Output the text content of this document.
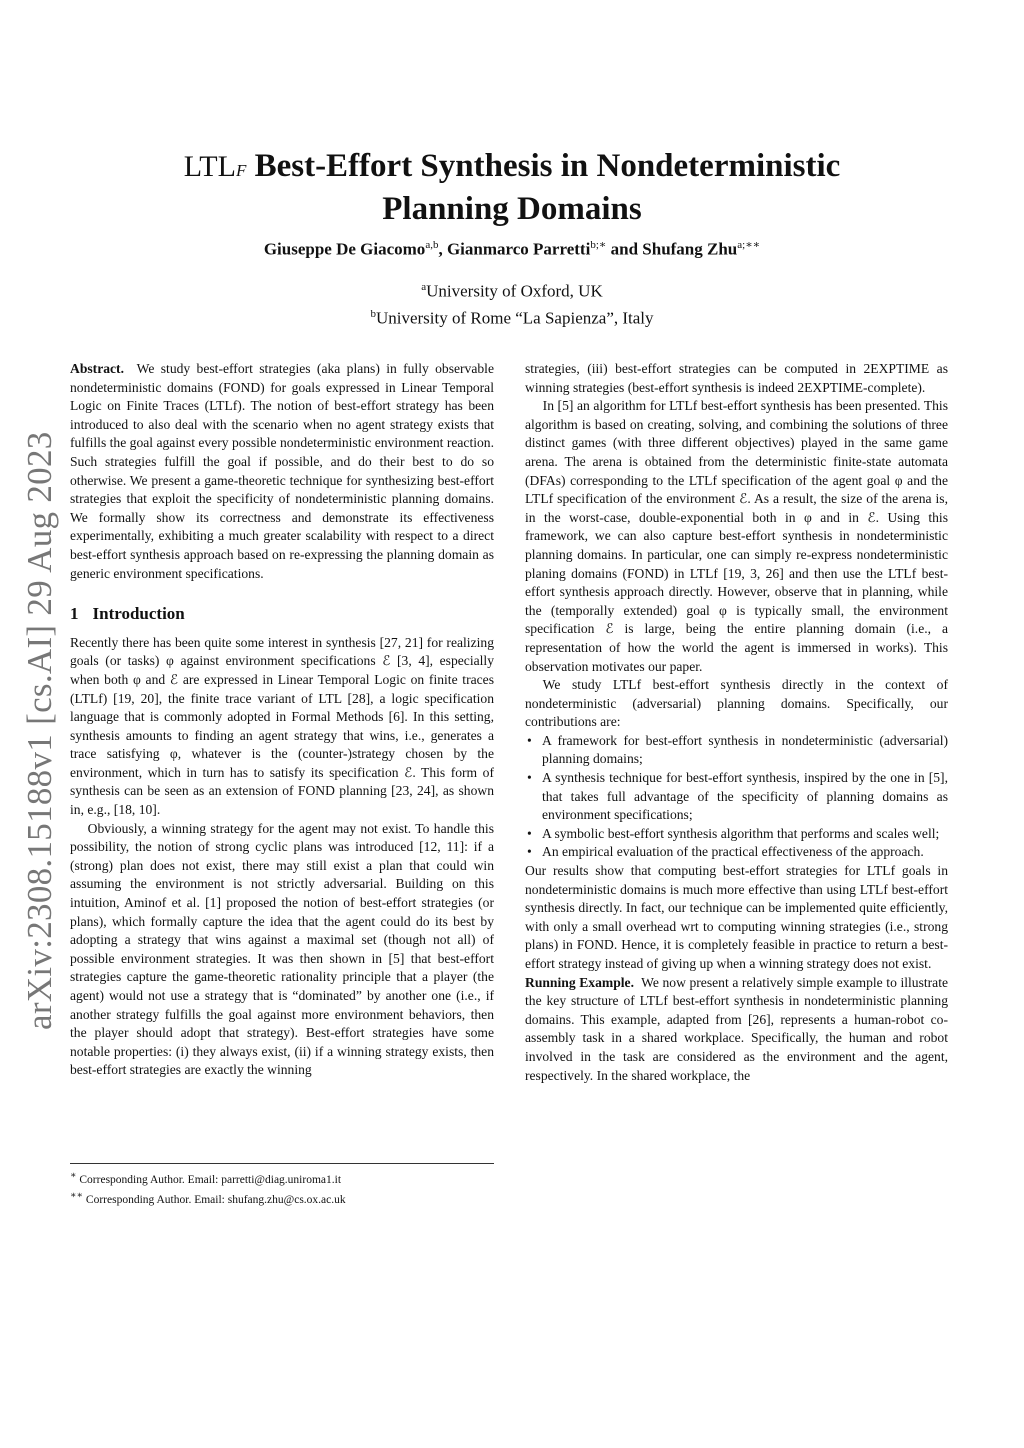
arXiv:2308.15188v1 [cs.AI] 29 Aug 2023
LTLf Best-Effort Synthesis in Nondeterministic
Planning Domains
Giuseppe De Giacomo$^{a,b}$, Gianmarco Parretti$^{b;∗}$ and Shufang Zhu$^{a;∗∗}$
$^a$University of Oxford, UK
$^b$University of Rome “La Sapienza”, Italy

Abstract. We study best-effort strategies (aka plans) in fully observable nondeterministic domains (FOND) for goals expressed in Linear Temporal Logic on Finite Traces (LTLf). The notion of best-effort strategy has been introduced to also deal with the scenario when no agent strategy exists that fulfills the goal against every possible nondeterministic environment reaction. Such strategies fulfill the goal if possible, and do their best to do so otherwise. We present a game-theoretic technique for synthesizing best-effort strategies that exploit the specificity of nondeterministic planning domains. We formally show its correctness and demonstrate its effectiveness experimentally, exhibiting a much greater scalability with respect to a direct best-effort synthesis approach based on re-expressing the planning domain as generic environment specifications.

1 Introduction

Recently there has been quite some interest in synthesis [27, 21] for realizing goals (or tasks) φ against environment specifications ℰ [3, 4], especially when both φ and ℰ are expressed in Linear Temporal Logic on finite traces (LTLf) [19, 20], the finite trace variant of LTL [28], a logic specification language that is commonly adopted in Formal Methods [6]. In this setting, synthesis amounts to finding an agent strategy that wins, i.e., generates a trace satisfying φ, whatever is the (counter-)strategy chosen by the environment, which in turn has to satisfy its specification ℰ. This form of synthesis can be seen as an extension of FOND planning [23, 24], as shown in, e.g., [18, 10].

Obviously, a winning strategy for the agent may not exist. To handle this possibility, the notion of strong cyclic plans was introduced [12, 11]: if a (strong) plan does not exist, there may still exist a plan that could win assuming the environment is not strictly adversarial. Building on this intuition, Aminof et al. [1] proposed the notion of best-effort strategies (or plans), which formally capture the idea that the agent could do its best by adopting a strategy that wins against a maximal set (though not all) of possible environment strategies. It was then shown in [5] that best-effort strategies capture the game-theoretic rationality principle that a player (the agent) would not use a strategy that is “dominated” by another one (i.e., if another strategy fulfills the goal against more environment behaviors, then the player should adopt that strategy). Best-effort strategies have some notable properties: (i) they always exist, (ii) if a winning strategy exists, then best-effort strategies are exactly the winning

strategies, (iii) best-effort strategies can be computed in 2EXPTIME as winning strategies (best-effort synthesis is indeed 2EXPTIME-complete).

In [5] an algorithm for LTLf best-effort synthesis has been presented. This algorithm is based on creating, solving, and combining the solutions of three distinct games (with three different objectives) played in the same game arena. The arena is obtained from the deterministic finite-state automata (DFAs) corresponding to the LTLf specification of the agent goal φ and the LTLf specification of the environment ℰ. As a result, the size of the arena is, in the worst-case, double-exponential both in φ and in ℰ. Using this framework, we can also capture best-effort synthesis in nondeterministic planning domains. In particular, one can simply re-express nondeterministic planing domains (FOND) in LTLf [19, 3, 26] and then use the LTLf best-effort synthesis approach directly. However, observe that in planning, while the (temporally extended) goal φ is typically small, the environment specification ℰ is large, being the entire planning domain (i.e., a representation of how the world the agent is immersed in works). This observation motivates our paper.

We study LTLf best-effort synthesis directly in the context of nondeterministic (adversarial) planning domains. Specifically, our contributions are:

• A framework for best-effort synthesis in nondeterministic (adversarial) planning domains;
• A synthesis technique for best-effort synthesis, inspired by the one in [5], that takes full advantage of the specificity of planning domains as environment specifications;
• A symbolic best-effort synthesis algorithm that performs and scales well;
• An empirical evaluation of the practical effectiveness of the approach.

Our results show that computing best-effort strategies for LTLf goals in nondeterministic domains is much more effective than using LTLf best-effort synthesis directly. In fact, our technique can be implemented quite efficiently, with only a small overhead wrt to computing winning strategies (i.e., strong plans) in FOND. Hence, it is completely feasible in practice to return a best-effort strategy instead of giving up when a winning strategy does not exist.

Running Example. We now present a relatively simple example to illustrate the key structure of LTLf best-effort synthesis in nondeterministic planning domains. This example, adapted from [26], represents a human-robot co-assembly task in a shared workplace. Specifically, the human and robot involved in the task are considered as the environment and the agent, respectively. In the shared workplace, the

∗ Corresponding Author. Email: parretti@diag.uniroma1.it

∗∗ Corresponding Author. Email: shufang.zhu@cs.ox.ac.uk
